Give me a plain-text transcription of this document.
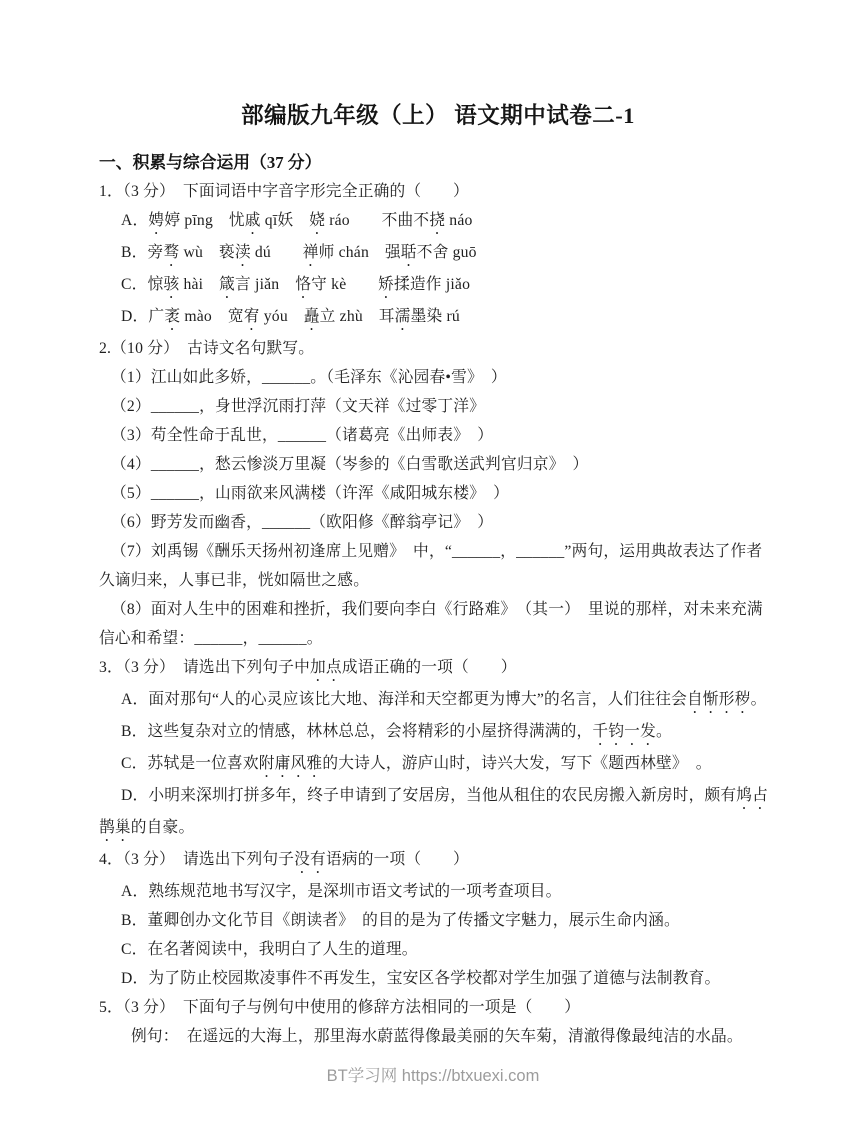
部编版九年级（上） 语文期中试卷二-1
一、积累与综合运用（37 分）

1．（3 分）　下面词语中字音字形完全正确的（　　）

A．娉婷 pīng　忧戚 qī妖　娆 ráo　　不曲不挠 náo

B．旁骛 wù　亵渎 dú　　禅师 chán　强聒不舍 guō

C．惊骇 hài　箴言 jiǎn　恪守 kè　　矫揉造作 jiǎo

D．广袤 mào　宽宥 yóu　矗立 zhù　耳濡墨染 rú

2.（10 分）　古诗文名句默写。

（1）江山如此多娇，______。（毛泽东《沁园春•雪》　）

（2）______，身世浮沉雨打萍（文天祥《过零丁洋》

（3）苟全性命于乱世，______（诸葛亮《出师表》　）

（4）______，愁云惨淡万里凝（岑参的《白雪歌送武判官归京》　）

（5）______，山雨欲来风满楼（许浑《咸阳城东楼》　）

（6）野芳发而幽香，______（欧阳修《醉翁亭记》　）

（7）刘禹锡《酬乐天扬州初逢席上见赠》　中，“______，______”两句，运用典故表达了作者久谪归来，人事已非，恍如隔世之感。

（8）面对人生中的困难和挫折，我们要向李白《行路难》　（其一）　里说的那样，对未来充满信心和希望：______，______。

3．（3 分）　请选出下列句子中加点成语正确的一项（　　）

A．面对那句“人的心灵应该比大地、海洋和天空都更为博大”的名言，人们往往会自惭形秽。

B．这些复杂对立的情感，林林总总，会将精彩的小屋挤得满满的，千钧一发。

C．苏轼是一位喜欢附庸风雅的大诗人，游庐山时，诗兴大发，写下《题西林壁》　。

D．小明来深圳打拼多年，终子申请到了安居房，当他从租住的农民房搬入新房时，颇有鸠占鹊巢的自豪。

4．（3 分）　请选出下列句子没有语病的一项（　　）

A．熟练规范地书写汉字，是深圳市语文考试的一项考查项目。

B．董卿创办文化节目《朗读者》　的目的是为了传播文字魅力，展示生命内涵。

C．在名著阅读中，我明白了人生的道理。

D．为了防止校园欺凌事件不再发生，宝安区各学校都对学生加强了道德与法制教育。

5．（3 分）　下面句子与例句中使用的修辞方法相同的一项是（　　）

例句：　在遥远的大海上，那里海水蔚蓝得像最美丽的矢车菊，清澈得像最纯洁的水晶。

BT学习网 https://btxuexi.com
